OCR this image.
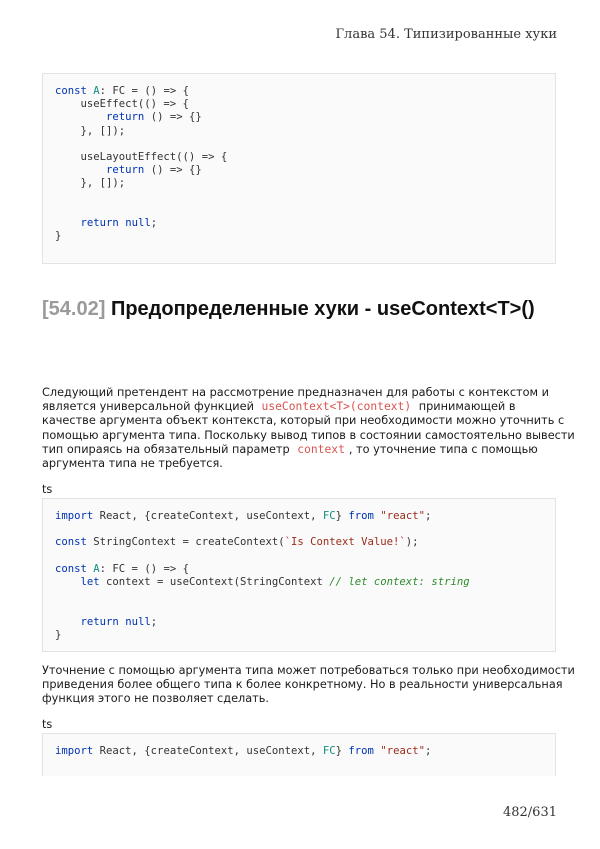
Глава 54. Типизированные хуки
const A: FC = () => {
useEffect(() => {
return () => {}
}, []);
useLayoutEffect(() => {
return () => {}
}, []);
return null;
}
[54.02] Предопределенные хуки - useContext<T>()
Следующий претендент на рассмотрение предназначен для работы с контекстом и
является универсальной функцией useContext<T>(context) принимающей в
качестве аргумента объект контекста, который при необходимости можно уточнить с
помощью аргумента типа. Поскольку вывод типов в состоянии самостоятельно вывести
тип опираясь на обязательный параметр context , то уточнение типа с помощью
аргумента типа не требуется.
ts
import React, {createContext, useContext, FC} from "react";
const StringContext = createContext(`Is Context Value!`);
const A: FC = () => {
let context = useContext(StringContext // let context: string
return null;
}
Уточнение с помощью аргумента типа может потребоваться только при необходимости
приведения более общего типа к более конкретному. Но в реальности универсальная
функция этого не позволяет сделать.
ts
import React, {createContext, useContext, FC} from "react";
482/631
